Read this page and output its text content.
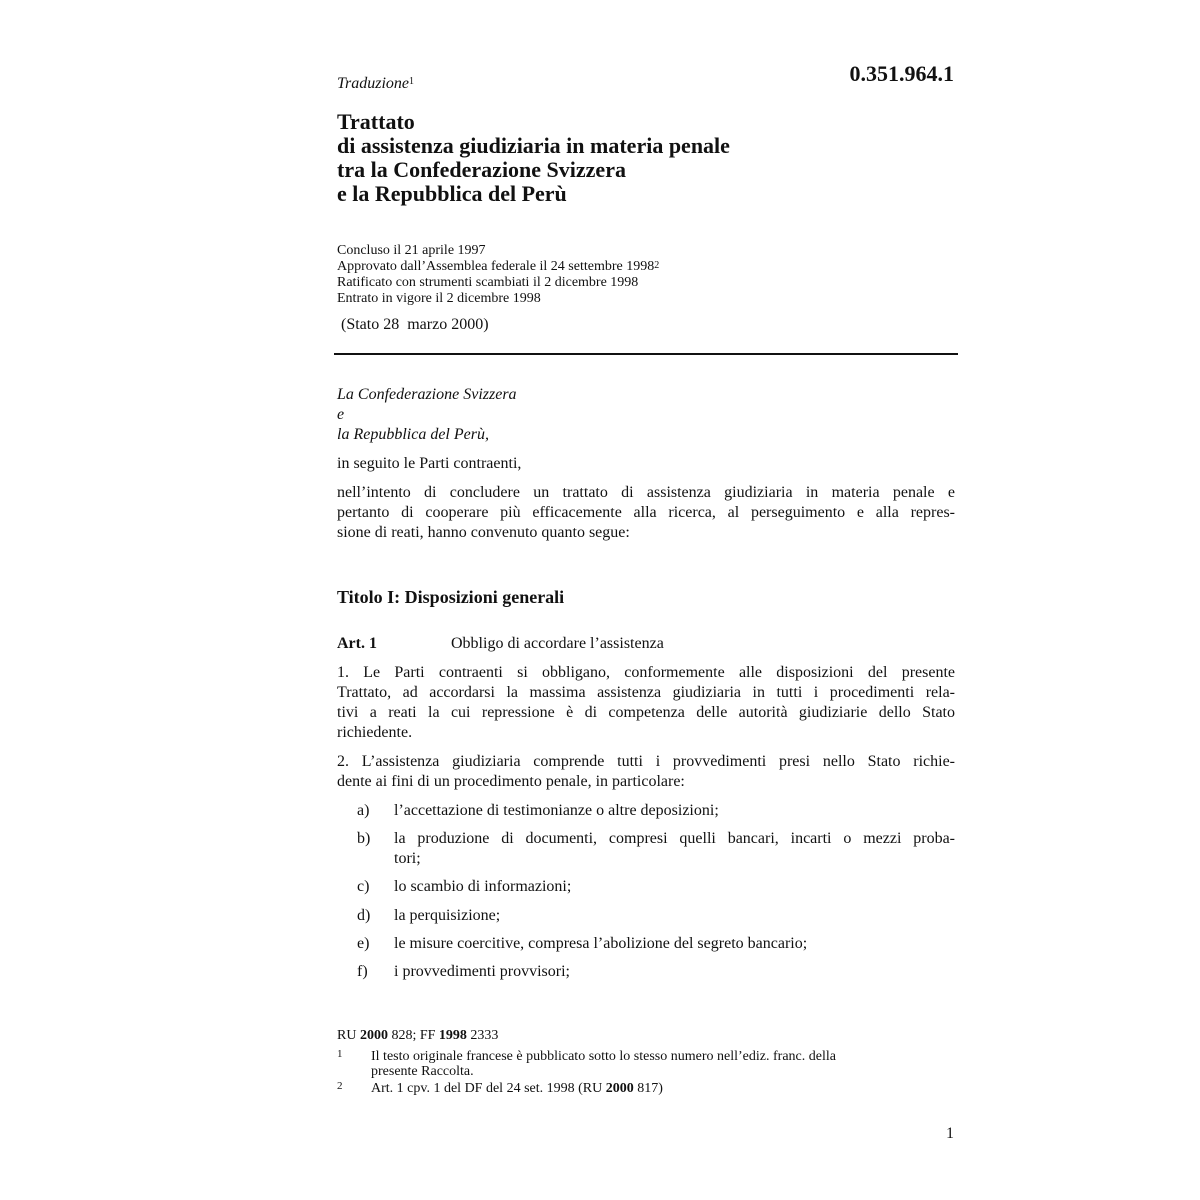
0.351.964.1
Traduzione$^1$
Trattato
di assistenza giudiziaria in materia penale
tra la Confederazione Svizzera
e la Repubblica del Perù
Concluso il 21 aprile 1997
Approvato dall’Assemblea federale il 24 settembre 1998$^2$
Ratificato con strumenti scambiati il 2 dicembre 1998
Entrato in vigore il 2 dicembre 1998
(Stato 28  marzo 2000)
La Confederazione Svizzera
e
la Repubblica del Perù,
in seguito le Parti contraenti,
nell’intento di concludere un trattato di assistenza giudiziaria in materia penale e
pertanto di cooperare più efficacemente alla ricerca, al perseguimento e alla repres-
sione di reati, hanno convenuto quanto segue:
Titolo I: Disposizioni generali
Art. 1	Obbligo di accordare l’assistenza
1. Le Parti contraenti si obbligano, conformemente alle disposizioni del presente
Trattato, ad accordarsi la massima assistenza giudiziaria in tutti i procedimenti rela-
tivi a reati la cui repressione è di competenza delle autorità giudiziarie dello Stato
richiedente.
2. L’assistenza giudiziaria comprende tutti i provvedimenti presi nello Stato richie-
dente ai fini di un procedimento penale, in particolare:
a) l’accettazione di testimonianze o altre deposizioni;
b) la produzione di documenti, compresi quelli bancari, incarti o mezzi proba-
tori;
c) lo scambio di informazioni;
d) la perquisizione;
e) le misure coercitive, compresa l’abolizione del segreto bancario;
f) i provvedimenti provvisori;
RU 2000 828; FF 1998 2333
1 Il testo originale francese è pubblicato sotto lo stesso numero nell’ediz. franc. della
presente Raccolta.
2 Art. 1 cpv. 1 del DF del 24 set. 1998 (RU 2000 817)
1
